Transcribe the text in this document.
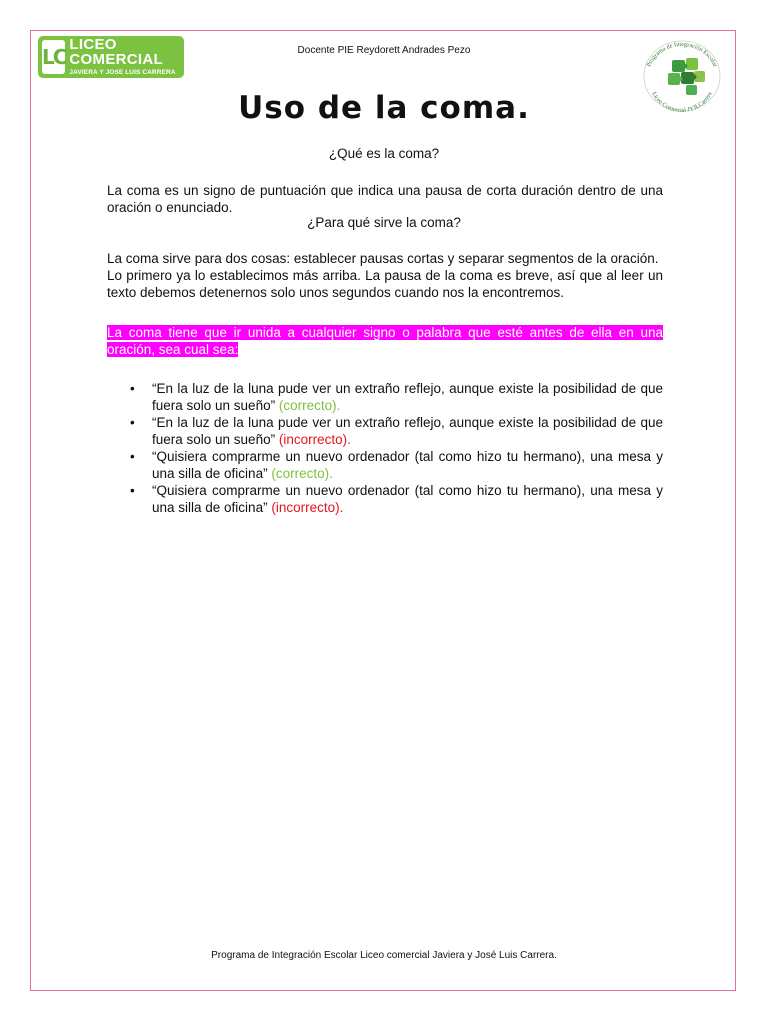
LC
LICEO COMERCIAL
JAVIERA Y JOSE LUIS CARRERA
Docente PIE Reydorett Andrades Pezo
Programa de Integración Escolar
Liceo Comercial JYJLCarrera
Uso de la coma.
¿Qué es la coma?
La coma es un signo de puntuación que indica una pausa de corta duración dentro de una oración o enunciado.
¿Para qué sirve la coma?
La coma sirve para dos cosas: establecer pausas cortas y separar segmentos de la oración.
Lo primero ya lo establecimos más arriba. La pausa de la coma es breve, así que al leer un texto debemos detenernos solo unos segundos cuando nos la encontremos.
La coma tiene que ir unida a cualquier signo o palabra que esté antes de ella en una oración, sea cual sea:
• “En la luz de la luna pude ver un extraño reflejo, aunque existe la posibilidad de que fuera solo un sueño” (correcto).
• “En la luz de la luna pude ver un extraño reflejo, aunque existe la posibilidad de que fuera solo un sueño” (incorrecto).
• “Quisiera comprarme un nuevo ordenador (tal como hizo tu hermano), una mesa y una silla de oficina” (correcto).
• “Quisiera comprarme un nuevo ordenador (tal como hizo tu hermano), una mesa y una silla de oficina” (incorrecto).
Programa de Integración Escolar Liceo comercial Javiera y José Luis Carrera.
